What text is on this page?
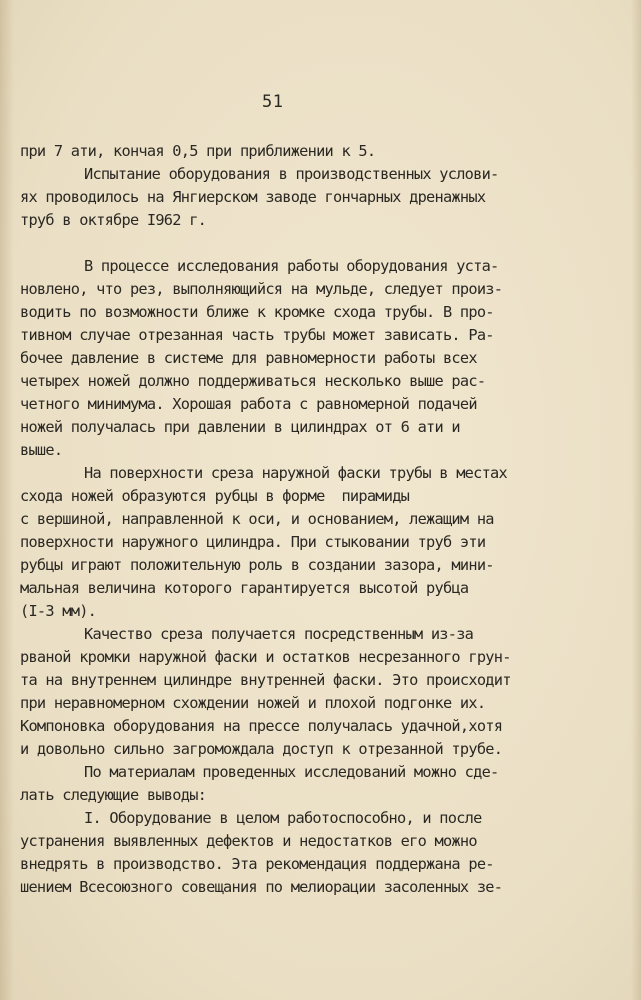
51
при 7 ати, кончая 0,5 при приближении к 5.
Испытание оборудования в производственных услови-
ях проводилось на Янгиерском заводе гончарных дренажных
труб в октябре I962 г.
В процессе исследования работы оборудования уста-
новлено, что рез, выполняющийся на мульде, следует произ-
водить по возможности ближе к кромке схода трубы. В про-
тивном случае отрезанная часть трубы может зависать. Ра-
бочее давление в системе для равномерности работы всех
четырех ножей должно поддерживаться несколько выше рас-
четного минимума. Хорошая работа с равномерной подачей
ножей получалась при давлении в цилиндрах от 6 ати и
выше.
На поверхности среза наружной фаски трубы в местах
схода ножей образуются рубцы в форме  пирамиды
с вершиной, направленной к оси, и основанием, лежащим на
поверхности наружного цилиндра. При стыковании труб эти
рубцы играют положительную роль в создании зазора, мини-
мальная величина которого гарантируется высотой рубца
(I-3 мм).
Качество среза получается посредственным из-за
рваной кромки наружной фаски и остатков несрезанного грун-
та на внутреннем цилиндре внутренней фаски. Это происходит
при неравномерном схождении ножей и плохой подгонке их.
Компоновка оборудования на прессе получалась удачной,хотя
и довольно сильно загромождала доступ к отрезанной трубе.
По материалам проведенных исследований можно сде-
лать следующие выводы:
I. Оборудование в целом работоспособно, и после
устранения выявленных дефектов и недостатков его можно
внедрять в производство. Эта рекомендация поддержана ре-
шением Всесоюзного совещания по мелиорации засоленных зе-
